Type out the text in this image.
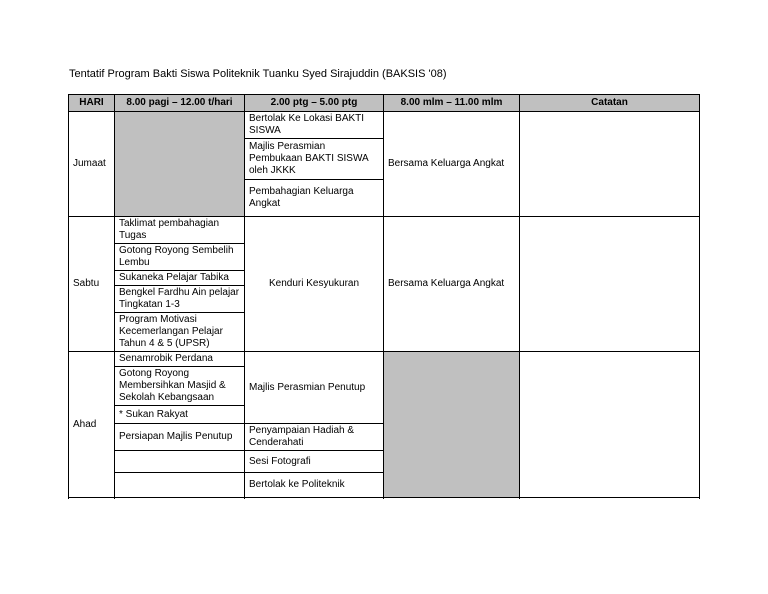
Tentatif Program Bakti Siswa Politeknik Tuanku Syed Sirajuddin (BAKSIS '08)
HARI	8.00 pagi – 12.00 t/hari	2.00 ptg – 5.00 ptg	8.00 mlm – 11.00 mlm	Catatan
Jumaat		Bertolak Ke Lokasi BAKTI SISWA	Bersama Keluarga Angkat	
		Majlis Perasmian Pembukaan BAKTI SISWA oleh JKKK		
		Pembahagian Keluarga Angkat		
Sabtu	Taklimat pembahagian Tugas	Kenduri Kesyukuran	Bersama Keluarga Angkat	
	Gotong Royong Sembelih Lembu			
	Sukaneka Pelajar Tabika			
	Bengkel Fardhu Ain pelajar Tingkatan 1-3			
	Program Motivasi Kecemerlangan Pelajar Tahun 4 & 5 (UPSR)			
Ahad	Senamrobik Perdana	Majlis Perasmian Penutup		
	Gotong Royong Membersihkan Masjid & Sekolah Kebangsaan			
	* Sukan Rakyat			
	Persiapan Majlis Penutup	Penyampaian Hadiah & Cenderahati		
		Sesi Fotografi		
		Bertolak ke Politeknik		
